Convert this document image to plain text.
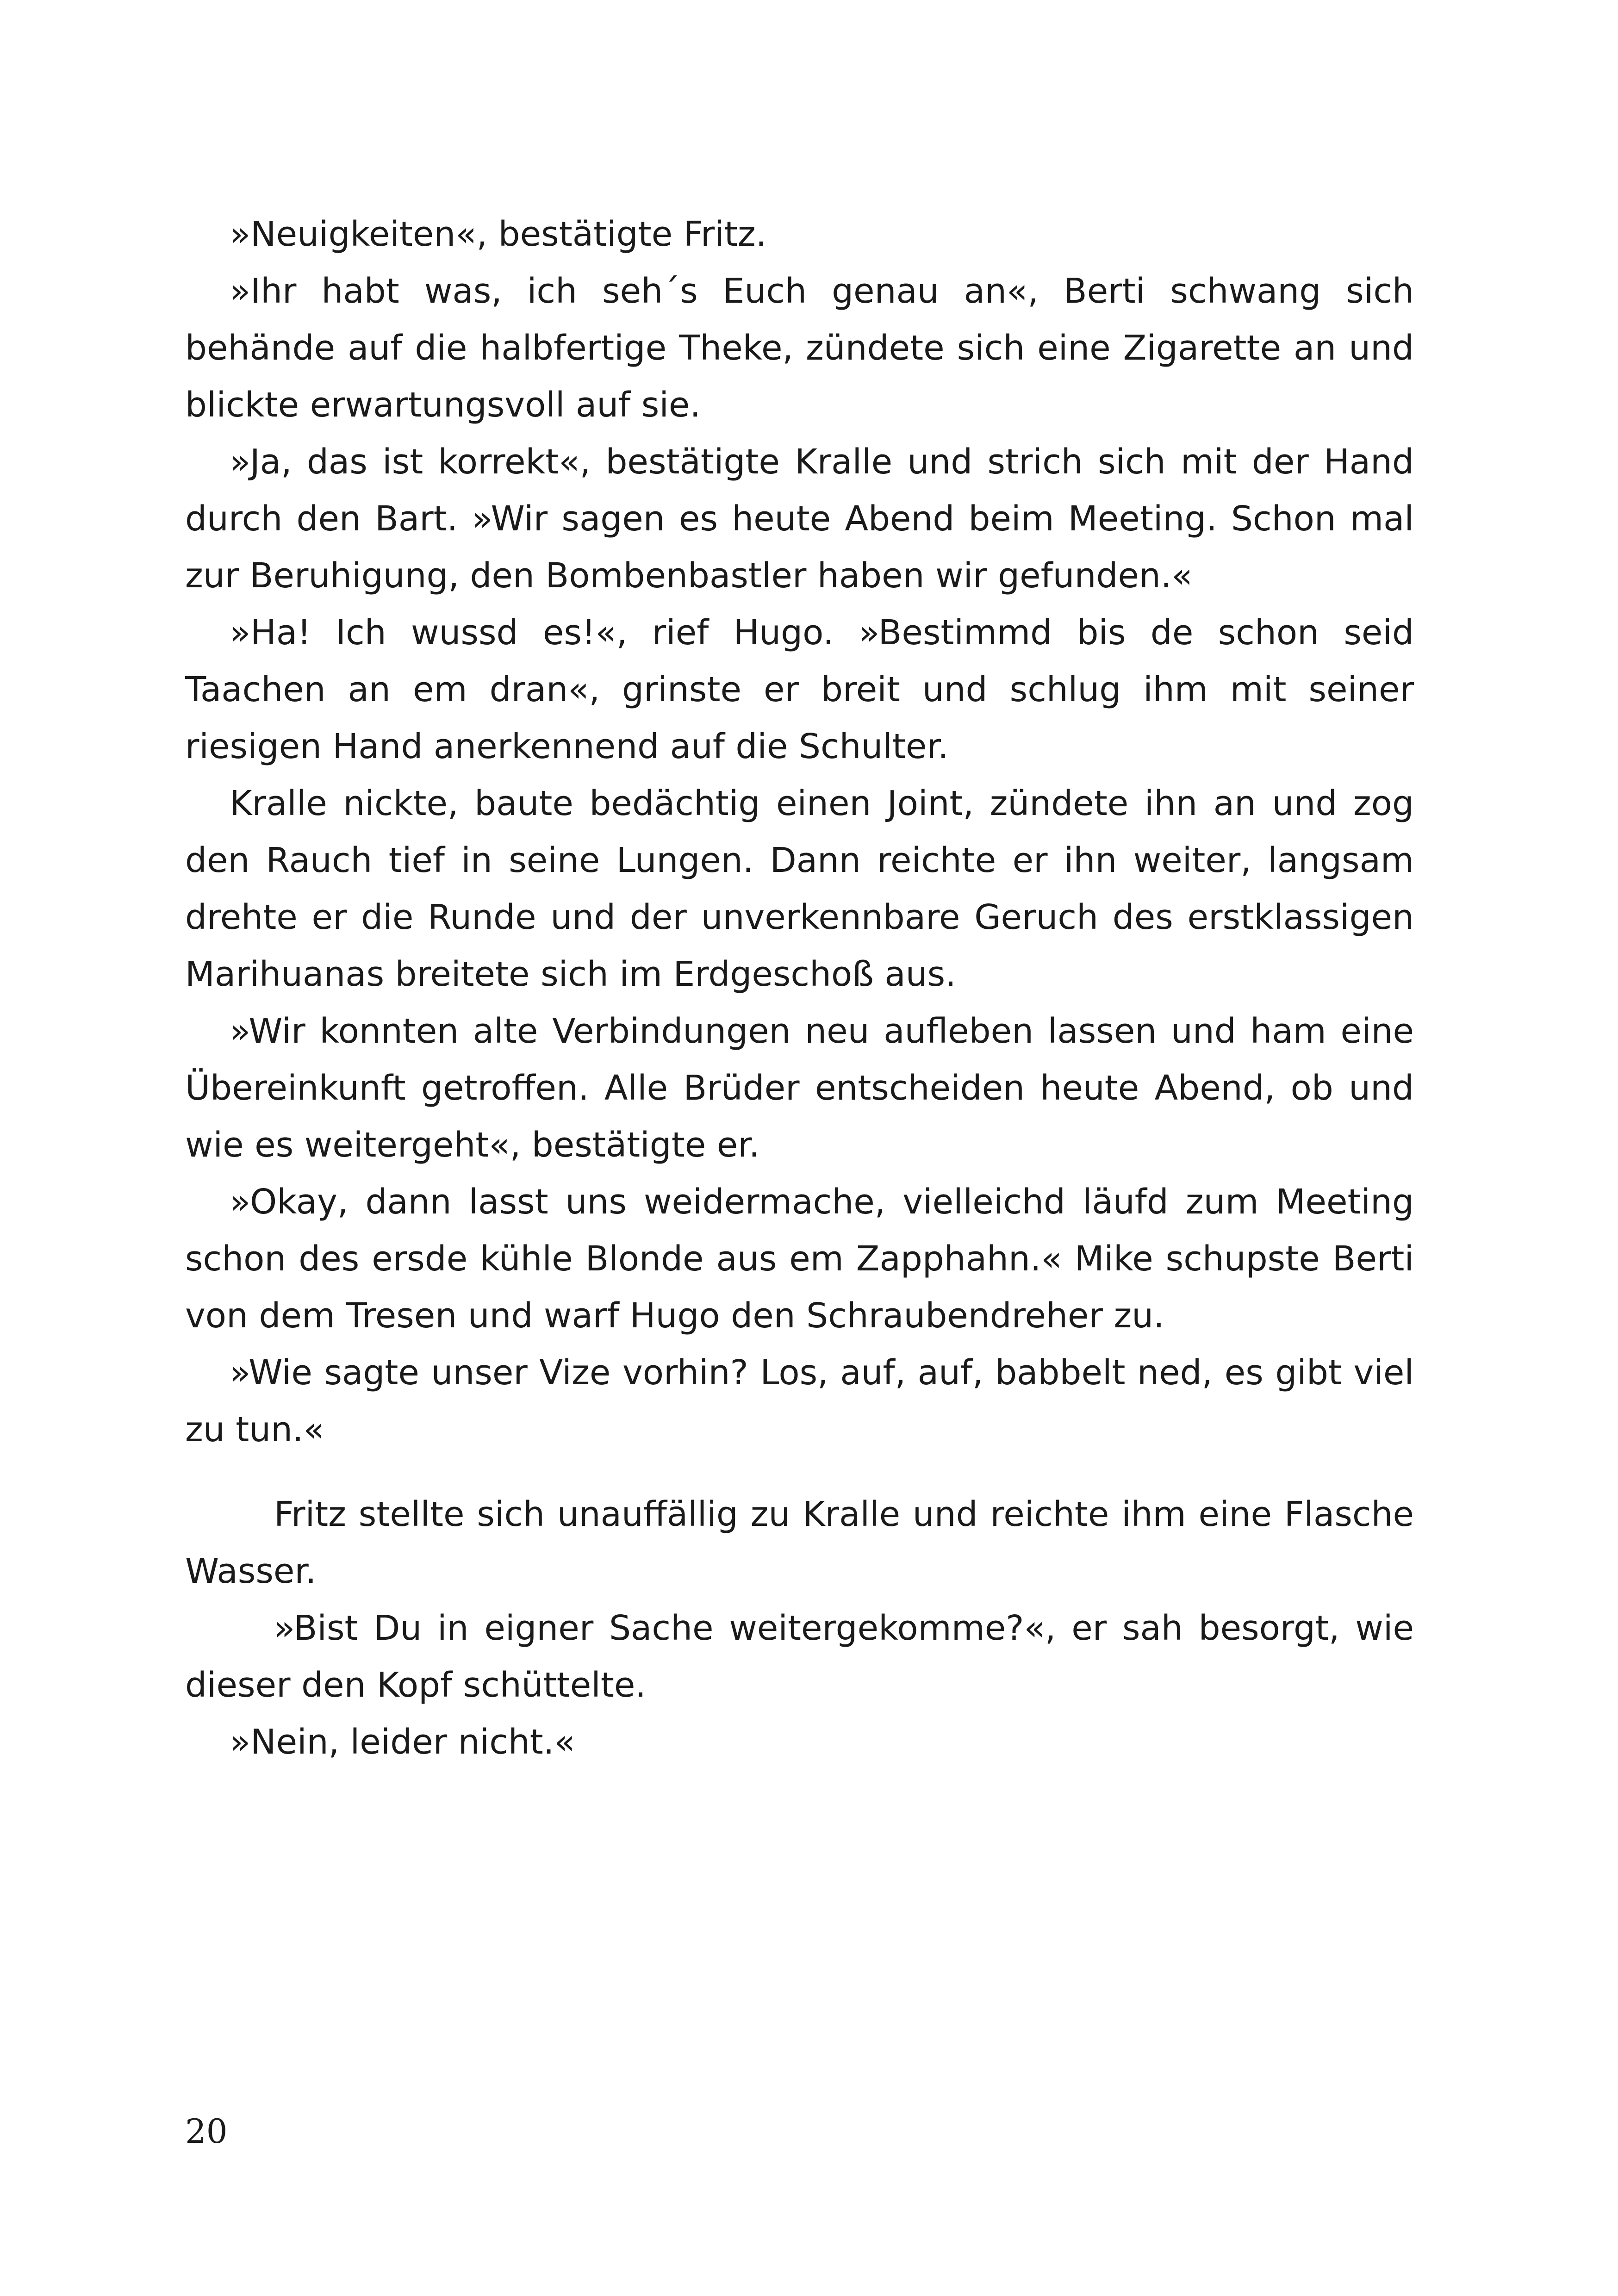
»Neuigkeiten«, bestätigte Fritz.

»Ihr habt was, ich seh´s Euch genau an«, Berti schwang sich behände auf die halbfertige Theke, zündete sich eine Zigarette an und blickte erwartungsvoll auf sie.

»Ja, das ist korrekt«, bestätigte Kralle und strich sich mit der Hand durch den Bart. »Wir sagen es heute Abend beim Meeting. Schon mal zur Beruhigung, den Bombenbastler haben wir gefunden.«

»Ha! Ich wussd es!«, rief Hugo. »Bestimmd bis de schon seid Taachen an em dran«, grinste er breit und schlug ihm mit seiner riesigen Hand anerkennend auf die Schulter.

Kralle nickte, baute bedächtig einen Joint, zündete ihn an und zog den Rauch tief in seine Lungen. Dann reichte er ihn weiter, langsam drehte er die Runde und der unverkennbare Geruch des erstklassigen Marihuanas breitete sich im Erdgeschoß aus.

»Wir konnten alte Verbindungen neu aufleben lassen und ham eine Übereinkunft getroffen. Alle Brüder entscheiden heute Abend, ob und wie es weitergeht«, bestätigte er.

»Okay, dann lasst uns weidermache, vielleichd läufd zum Meeting schon des ersde kühle Blonde aus em Zapphahn.« Mike schupste Berti von dem Tresen und warf Hugo den Schraubendreher zu.

»Wie sagte unser Vize vorhin? Los, auf, auf, babbelt ned, es gibt viel zu tun.«

Fritz stellte sich unauffällig zu Kralle und reichte ihm eine Flasche Wasser.

»Bist Du in eigner Sache weitergekomme?«, er sah besorgt, wie dieser den Kopf schüttelte.

»Nein, leider nicht.«

20
